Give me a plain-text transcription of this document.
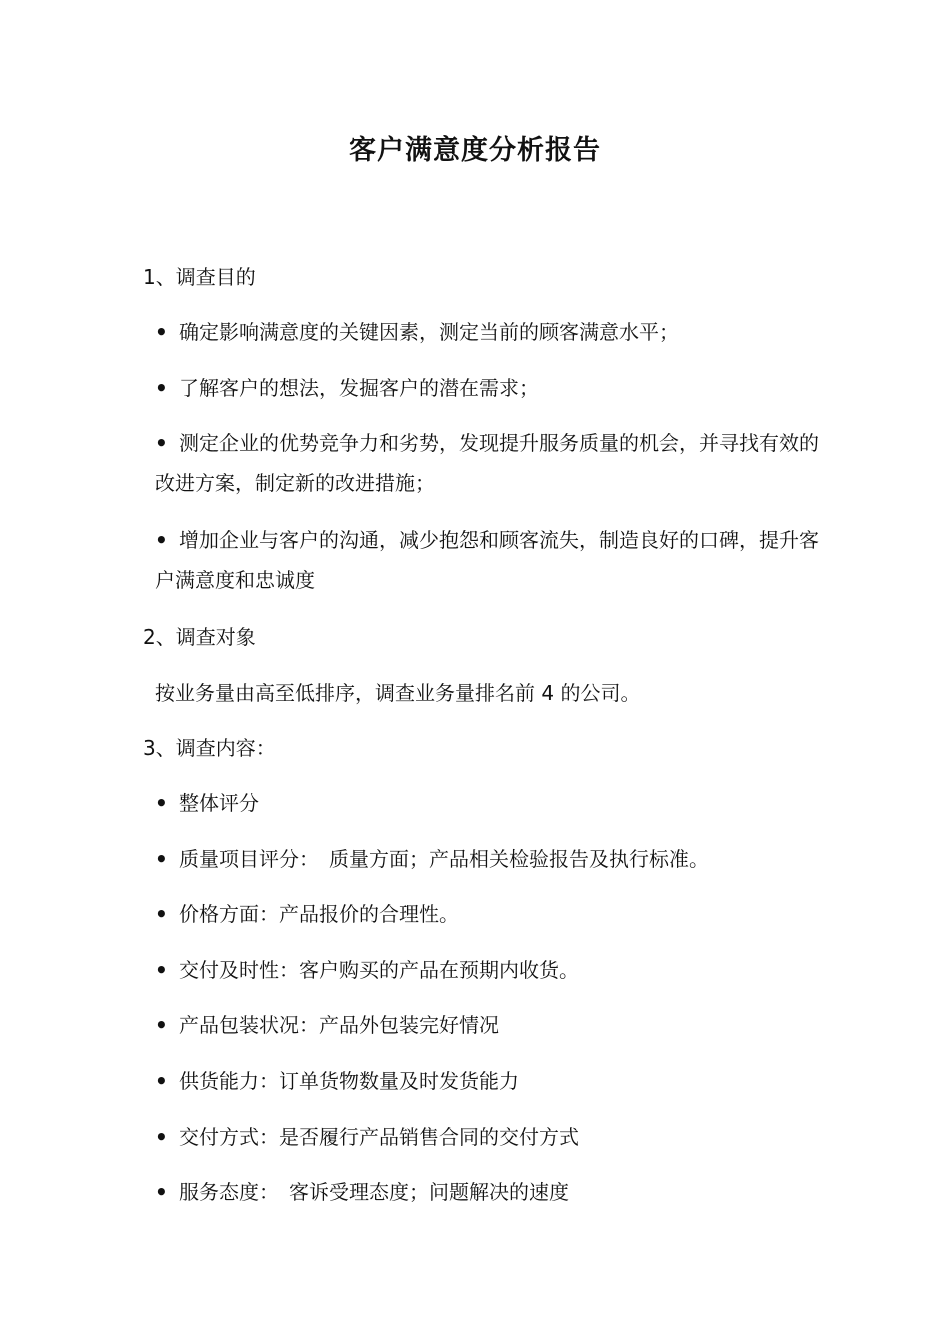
客户满意度分析报告
1、调查目的
• 确定影响满意度的关键因素，测定当前的顾客满意水平；
• 了解客户的想法，发掘客户的潜在需求；
• 测定企业的优势竞争力和劣势，发现提升服务质量的机会，并寻找有效的改进方案，制定新的改进措施；
• 增加企业与客户的沟通，减少抱怨和顾客流失，制造良好的口碑，提升客户满意度和忠诚度
2、调查对象
按业务量由高至低排序，调查业务量排名前 4 的公司。
3、调查内容：
• 整体评分
• 质量项目评分：　质量方面；产品相关检验报告及执行标准。
• 价格方面：产品报价的合理性。
• 交付及时性：客户购买的产品在预期内收货。
• 产品包装状况：产品外包装完好情况
• 供货能力：订单货物数量及时发货能力
• 交付方式：是否履行产品销售合同的交付方式
• 服务态度：　客诉受理态度；问题解决的速度
